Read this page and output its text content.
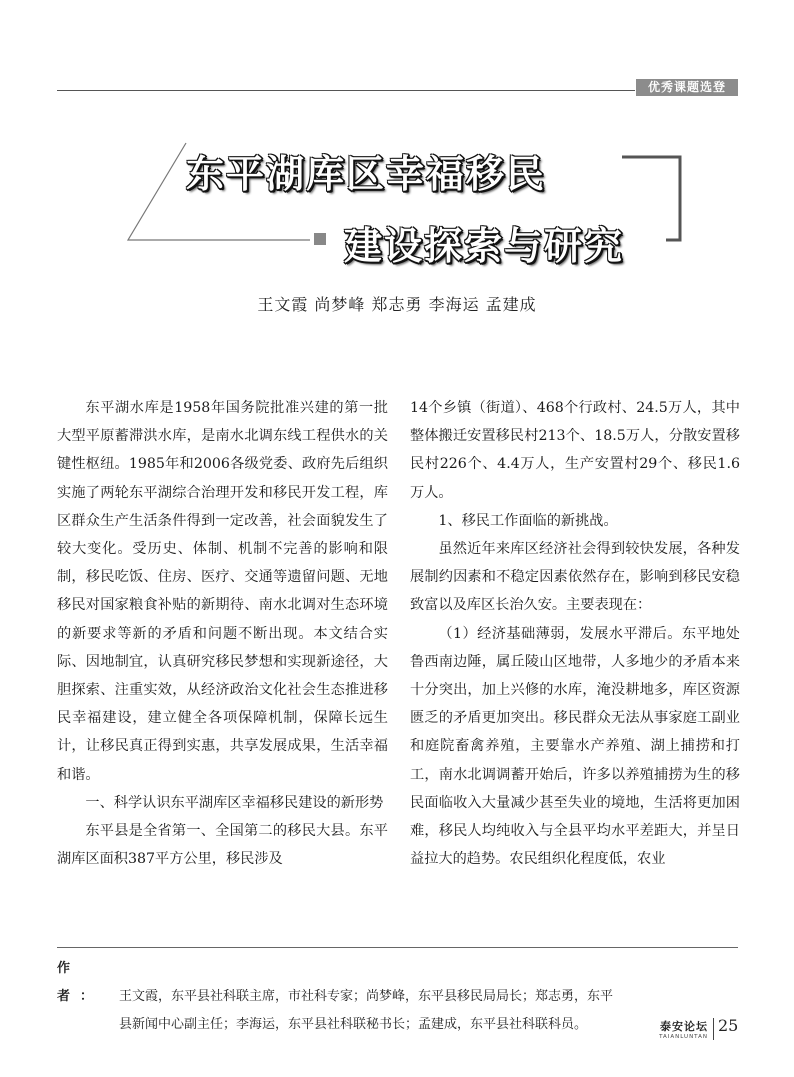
优秀课题选登
东平湖库区幸福移民
建设探索与研究
王文霞 尚梦峰 郑志勇 李海运 孟建成

东平湖水库是1958年国务院批准兴建的第一批大型平原蓄滞洪水库，是南水北调东线工程供水的关键性枢纽。1985年和2006各级党委、政府先后组织实施了两轮东平湖综合治理开发和移民开发工程，库区群众生产生活条件得到一定改善，社会面貌发生了较大变化。受历史、体制、机制不完善的影响和限制，移民吃饭、住房、医疗、交通等遗留问题、无地移民对国家粮食补贴的新期待、南水北调对生态环境的新要求等新的矛盾和问题不断出现。本文结合实际、因地制宜，认真研究移民梦想和实现新途径，大胆探索、注重实效，从经济政治文化社会生态推进移民幸福建设，建立健全各项保障机制，保障长远生计，让移民真正得到实惠，共享发展成果，生活幸福和谐。

一、科学认识东平湖库区幸福移民建设的新形势

东平县是全省第一、全国第二的移民大县。东平湖库区面积387平方公里，移民涉及

14个乡镇（街道）、468个行政村、24.5万人，其中整体搬迁安置移民村213个、18.5万人，分散安置移民村226个、4.4万人，生产安置村29个、移民1.6万人。

1、移民工作面临的新挑战。

虽然近年来库区经济社会得到较快发展，各种发展制约因素和不稳定因素依然存在，影响到移民安稳致富以及库区长治久安。主要表现在：

（1）经济基础薄弱，发展水平滞后。东平地处鲁西南边陲，属丘陵山区地带，人多地少的矛盾本来十分突出，加上兴修的水库，淹没耕地多，库区资源匮乏的矛盾更加突出。移民群众无法从事家庭工副业和庭院畜禽养殖，主要靠水产养殖、湖上捕捞和打工，南水北调调蓄开始后，许多以养殖捕捞为生的移民面临收入大量减少甚至失业的境地，生活将更加困难，移民人均纯收入与全县平均水平差距大，并呈日益拉大的趋势。农民组织化程度低，农业

作 者： 王文霞，东平县社科联主席，市社科专家；尚梦峰，东平县移民局局长；郑志勇，东平
县新闻中心副主任；李海运，东平县社科联秘书长；孟建成，东平县社科联科员。	泰安论坛
TAIANLUNTAN
25
